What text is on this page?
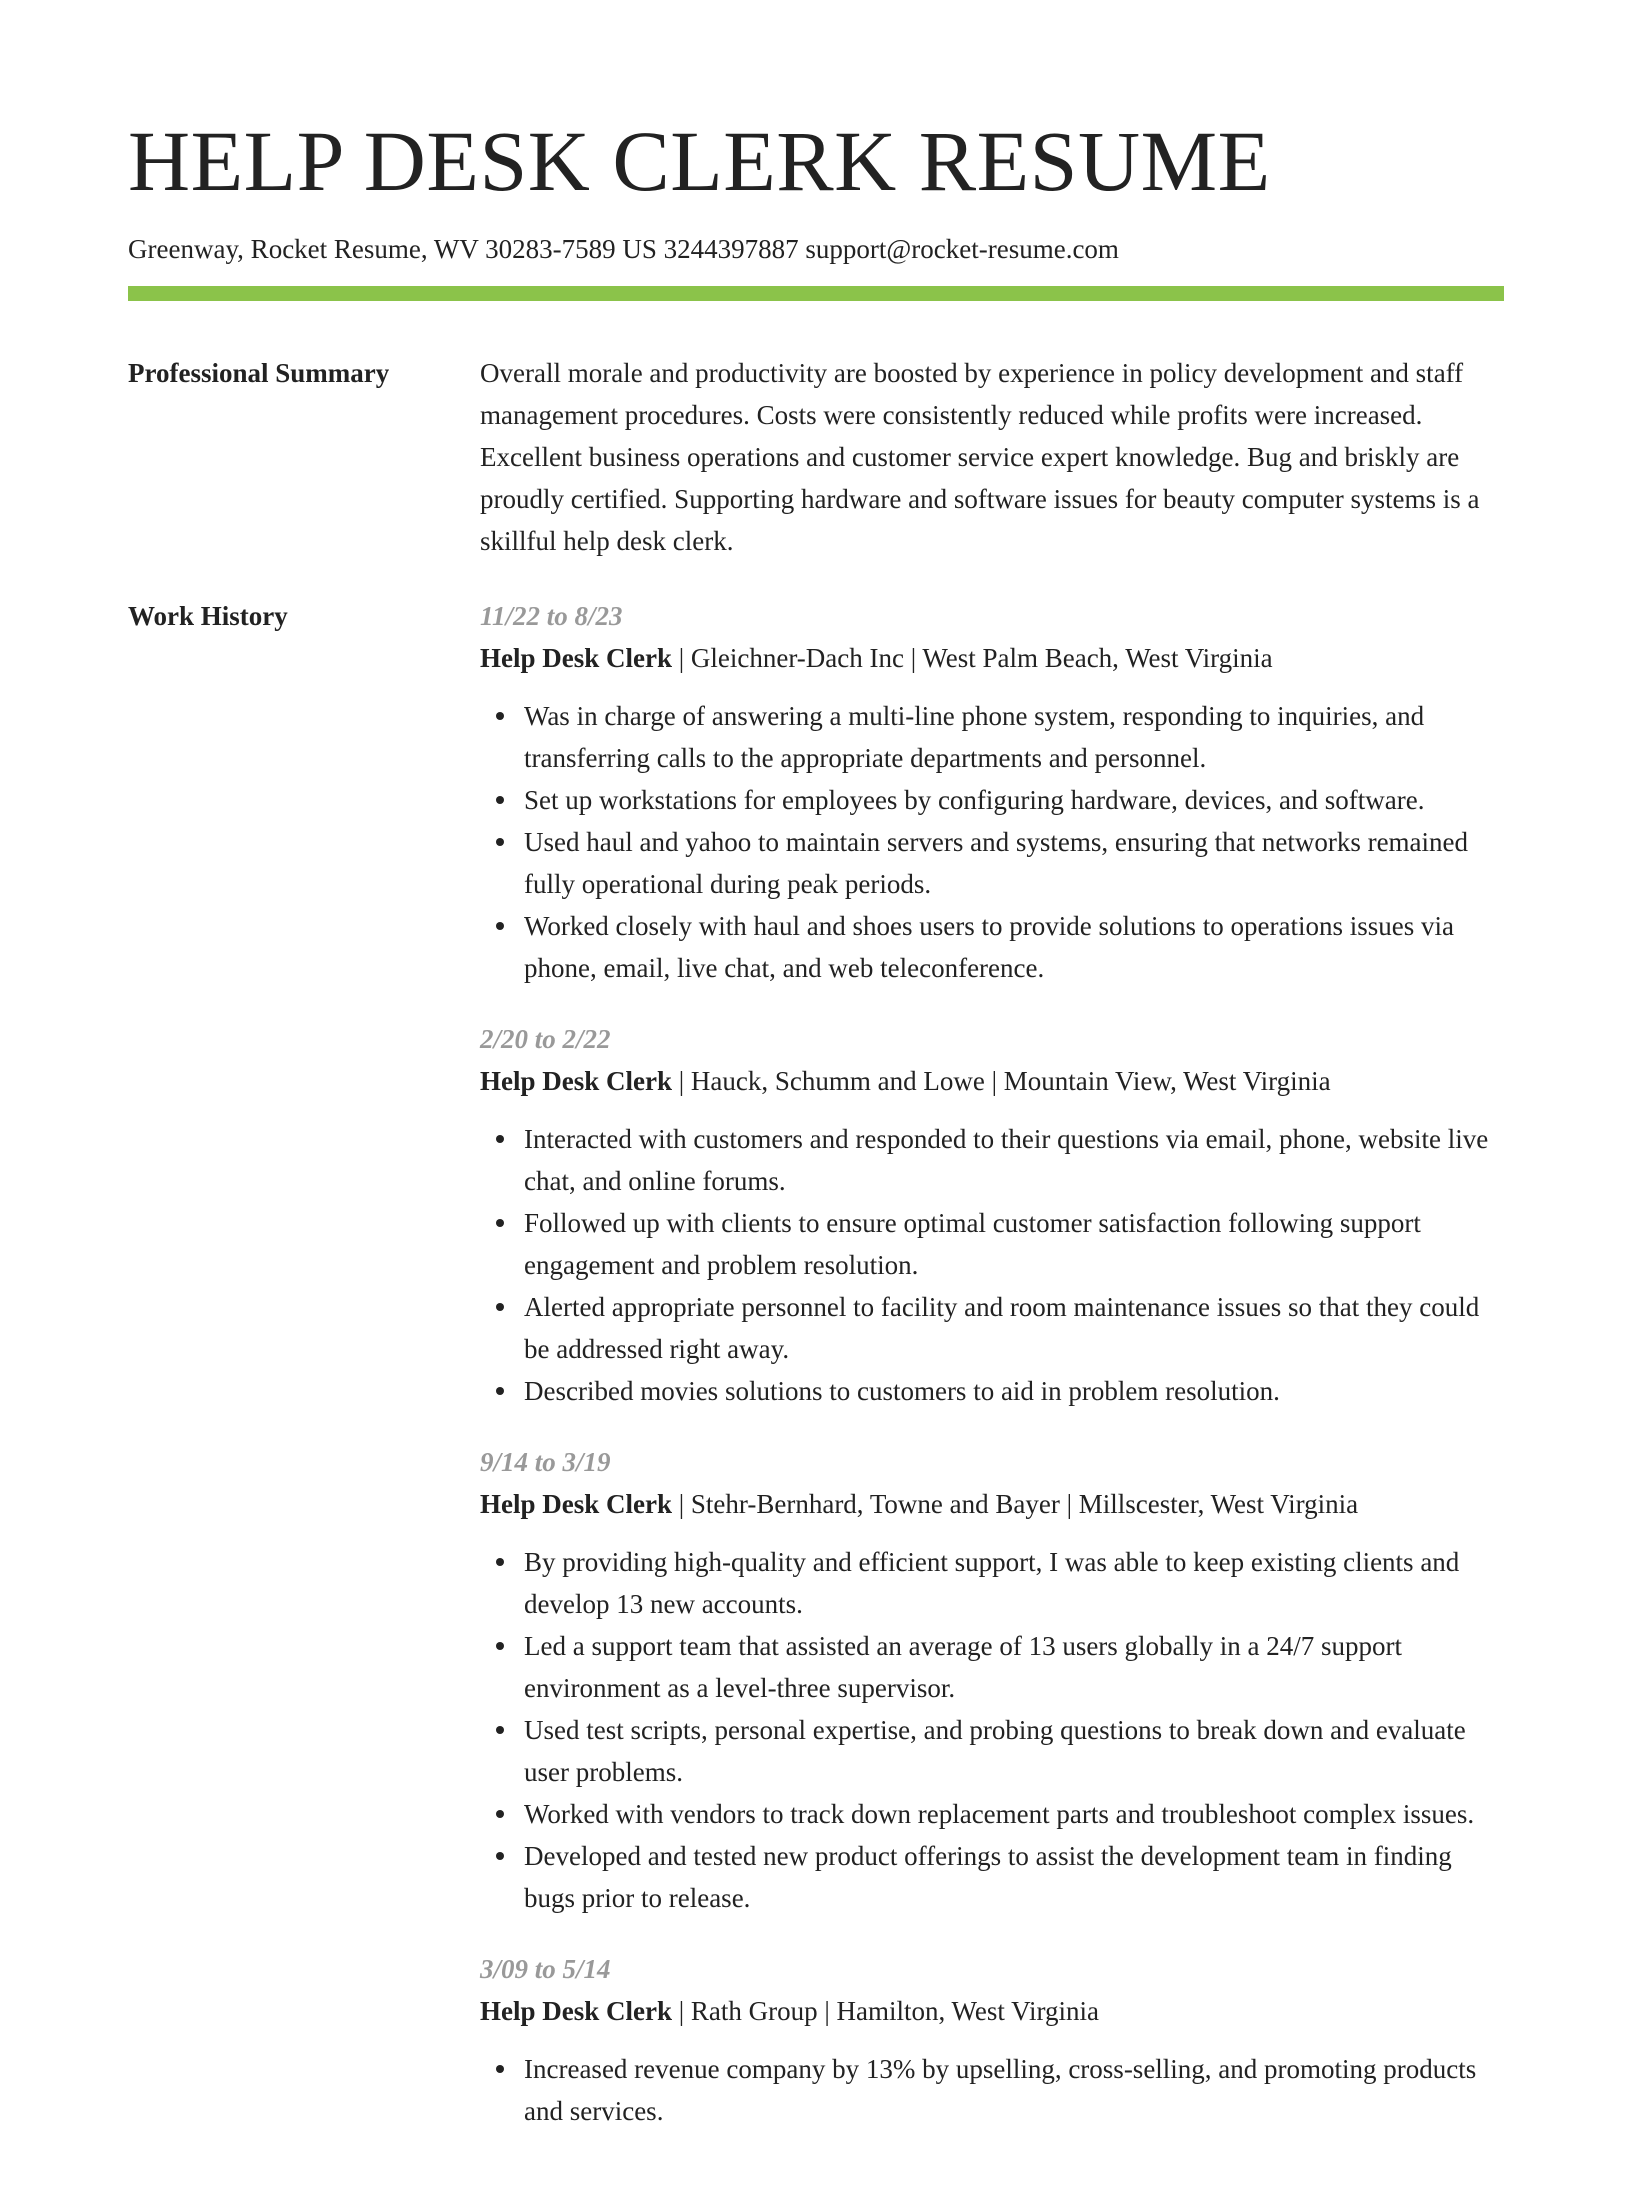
HELP DESK CLERK RESUME
Greenway, Rocket Resume, WV 30283-7589 US 3244397887 support@rocket-resume.com
Professional Summary	Overall morale and productivity are boosted by experience in policy development and staff management procedures. Costs were consistently reduced while profits were increased. Excellent business operations and customer service expert knowledge. Bug and briskly are proudly certified. Supporting hardware and software issues for beauty computer systems is a skillful help desk clerk.

Work History	11/22 to 8/23
Help Desk Clerk | Gleichner-Dach Inc | West Palm Beach, West Virginia
Was in charge of answering a multi-line phone system, responding to inquiries, and transferring calls to the appropriate departments and personnel.
Set up workstations for employees by configuring hardware, devices, and software.
Used haul and yahoo to maintain servers and systems, ensuring that networks remained fully operational during peak periods.
Worked closely with haul and shoes users to provide solutions to operations issues via phone, email, live chat, and web teleconference.
2/20 to 2/22
Help Desk Clerk | Hauck, Schumm and Lowe | Mountain View, West Virginia
Interacted with customers and responded to their questions via email, phone, website live chat, and online forums.
Followed up with clients to ensure optimal customer satisfaction following support engagement and problem resolution.
Alerted appropriate personnel to facility and room maintenance issues so that they could be addressed right away.
Described movies solutions to customers to aid in problem resolution.
9/14 to 3/19
Help Desk Clerk | Stehr-Bernhard, Towne and Bayer | Millscester, West Virginia
By providing high-quality and efficient support, I was able to keep existing clients and develop 13 new accounts.
Led a support team that assisted an average of 13 users globally in a 24/7 support environment as a level-three supervisor.
Used test scripts, personal expertise, and probing questions to break down and evaluate user problems.
Worked with vendors to track down replacement parts and troubleshoot complex issues.
Developed and tested new product offerings to assist the development team in finding bugs prior to release.
3/09 to 5/14
Help Desk Clerk | Rath Group | Hamilton, West Virginia
Increased revenue company by 13% by upselling, cross-selling, and promoting products and services.
